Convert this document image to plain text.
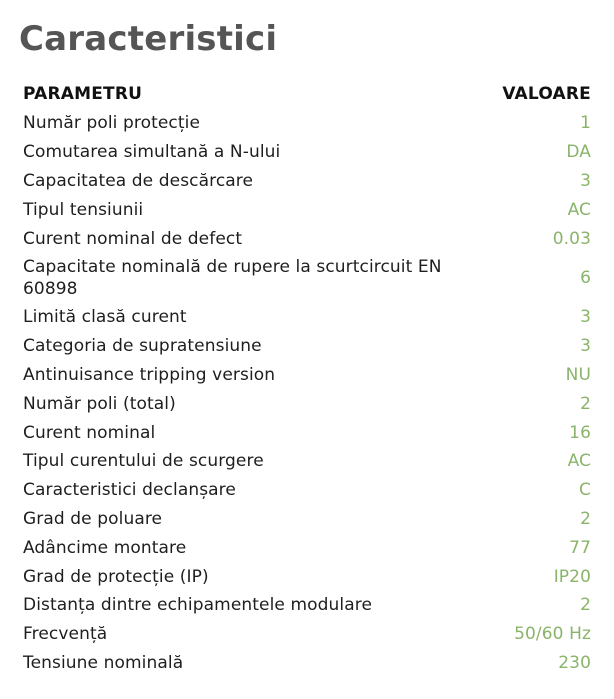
Caracteristici
PARAMETRU	VALOARE
Număr poli protecție	1
Comutarea simultană a N-ului	DA
Capacitatea de descărcare	3
Tipul tensiunii	AC
Curent nominal de defect	0.03
Capacitate nominală de rupere la scurtcircuit EN 60898	6
Limită clasă curent	3
Categoria de supratensiune	3
Antinuisance tripping version	NU
Număr poli (total)	2
Curent nominal	16
Tipul curentului de scurgere	AC
Caracteristici declanșare	C
Grad de poluare	2
Adâncime montare	77
Grad de protecție (IP)	IP20
Distanța dintre echipamentele modulare	2
Frecvență	50/60 Hz
Tensiune nominală	230
